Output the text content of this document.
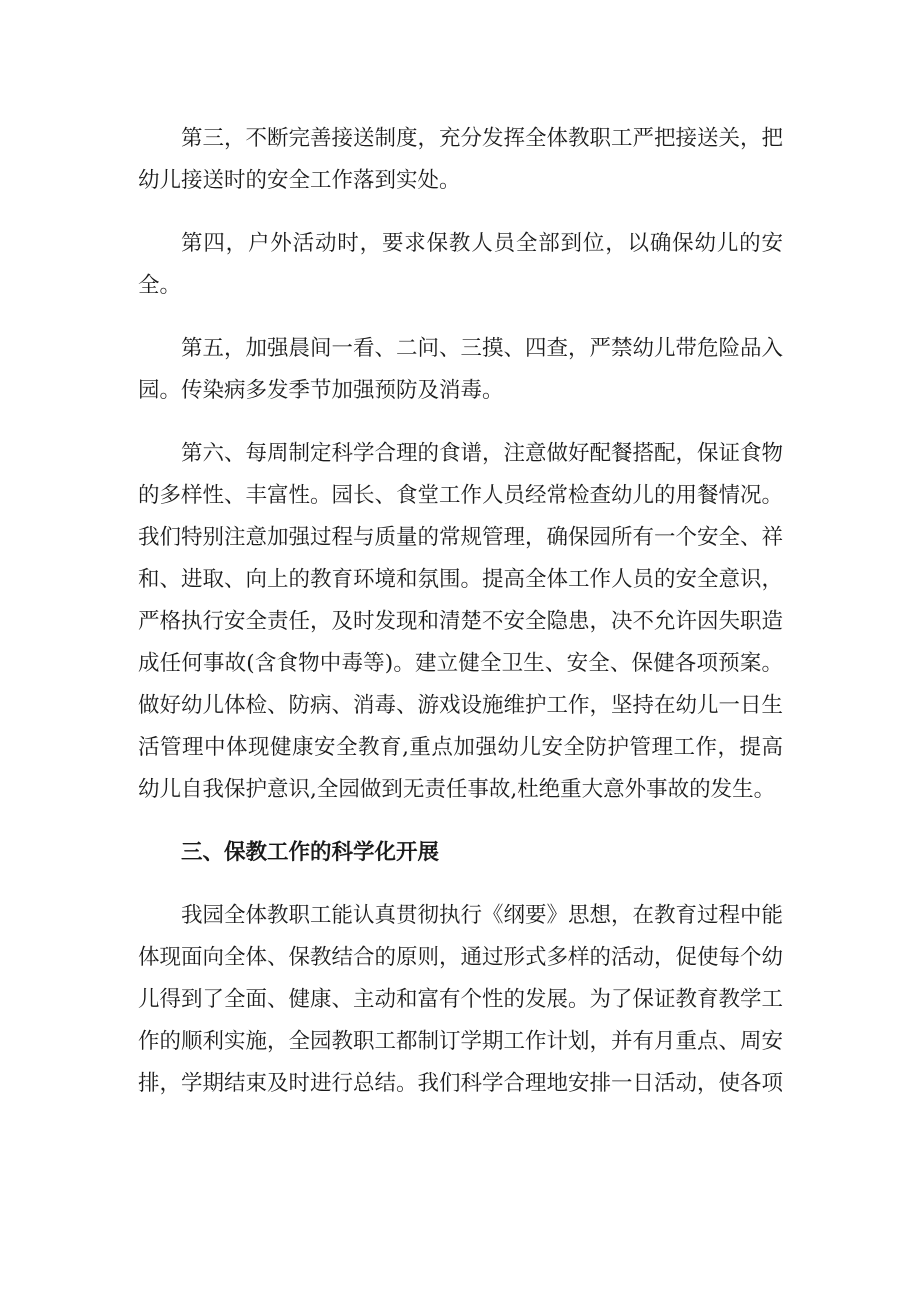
第三，不断完善接送制度，充分发挥全体教职工严把接送关，把幼儿接送时的安全工作落到实处。

第四，户外活动时，要求保教人员全部到位，以确保幼儿的安全。

第五，加强晨间一看、二问、三摸、四查，严禁幼儿带危险品入园。传染病多发季节加强预防及消毒。

第六、每周制定科学合理的食谱，注意做好配餐搭配，保证食物的多样性、丰富性。园长、食堂工作人员经常检查幼儿的用餐情况。我们特别注意加强过程与质量的常规管理，确保园所有一个安全、祥和、进取、向上的教育环境和氛围。提高全体工作人员的安全意识，严格执行安全责任，及时发现和清楚不安全隐患，决不允许因失职造成任何事故(含食物中毒等)。建立健全卫生、安全、保健各项预案。做好幼儿体检、防病、消毒、游戏设施维护工作，坚持在幼儿一日生活管理中体现健康安全教育,重点加强幼儿安全防护管理工作，提高幼儿自我保护意识,全园做到无责任事故,杜绝重大意外事故的发生。

三、保教工作的科学化开展

我园全体教职工能认真贯彻执行《纲要》思想，在教育过程中能体现面向全体、保教结合的原则，通过形式多样的活动，促使每个幼儿得到了全面、健康、主动和富有个性的发展。为了保证教育教学工作的顺利实施，全园教职工都制订学期工作计划，并有月重点、周安排，学期结束及时进行总结。我们科学合理地安排一日活动，使各项
